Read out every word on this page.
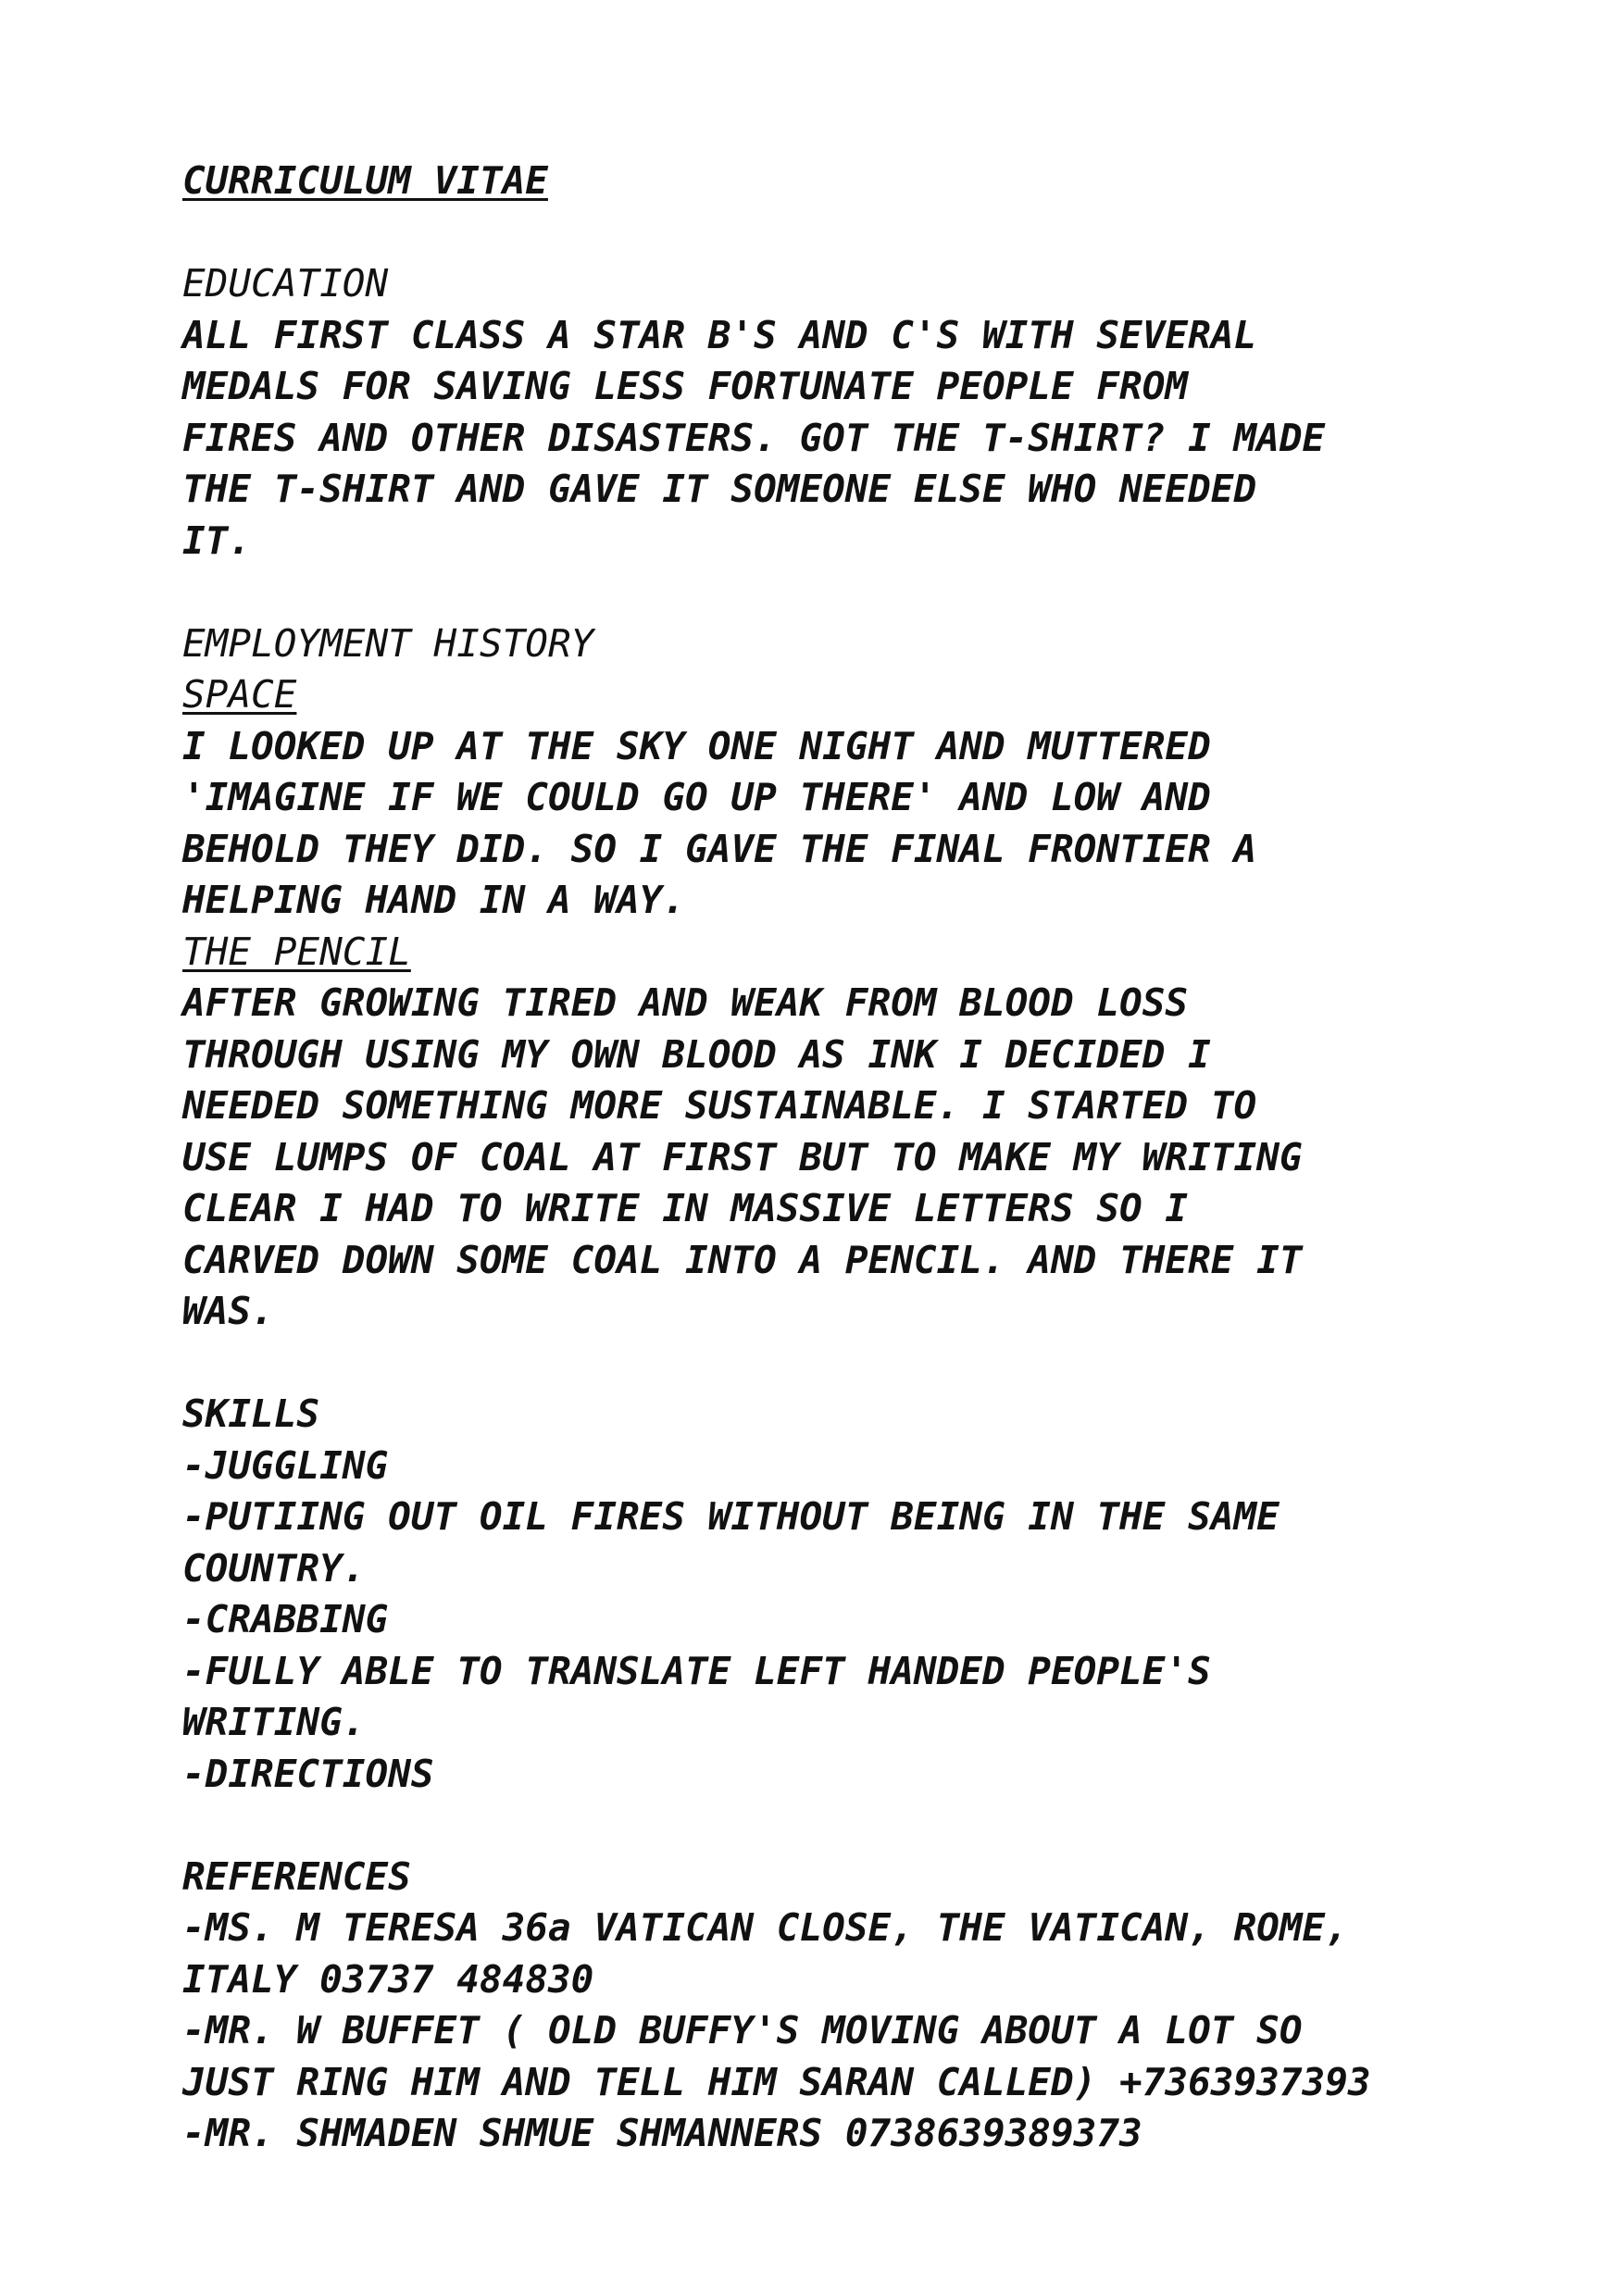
CURRICULUM VITAE
EDUCATION
ALL FIRST CLASS A STAR B'S AND C'S WITH SEVERAL
MEDALS FOR SAVING LESS FORTUNATE PEOPLE FROM
FIRES AND OTHER DISASTERS. GOT THE T-SHIRT? I MADE
THE T-SHIRT AND GAVE IT SOMEONE ELSE WHO NEEDED
IT.
EMPLOYMENT HISTORY
SPACE
I LOOKED UP AT THE SKY ONE NIGHT AND MUTTERED
'IMAGINE IF WE COULD GO UP THERE' AND LOW AND
BEHOLD THEY DID. SO I GAVE THE FINAL FRONTIER A
HELPING HAND IN A WAY.
THE PENCIL
AFTER GROWING TIRED AND WEAK FROM BLOOD LOSS
THROUGH USING MY OWN BLOOD AS INK I DECIDED I
NEEDED SOMETHING MORE SUSTAINABLE. I STARTED TO
USE LUMPS OF COAL AT FIRST BUT TO MAKE MY WRITING
CLEAR I HAD TO WRITE IN MASSIVE LETTERS SO I
CARVED DOWN SOME COAL INTO A PENCIL. AND THERE IT
WAS.
SKILLS
-JUGGLING
-PUTIING OUT OIL FIRES WITHOUT BEING IN THE SAME
COUNTRY.
-CRABBING
-FULLY ABLE TO TRANSLATE LEFT HANDED PEOPLE'S
WRITING.
-DIRECTIONS
REFERENCES
-MS. M TERESA 36a VATICAN CLOSE, THE VATICAN, ROME,
ITALY 03737 484830
-MR. W BUFFET ( OLD BUFFY'S MOVING ABOUT A LOT SO
JUST RING HIM AND TELL HIM SARAN CALLED) +7363937393
-MR. SHMADEN SHMUE SHMANNERS 0738639389373
